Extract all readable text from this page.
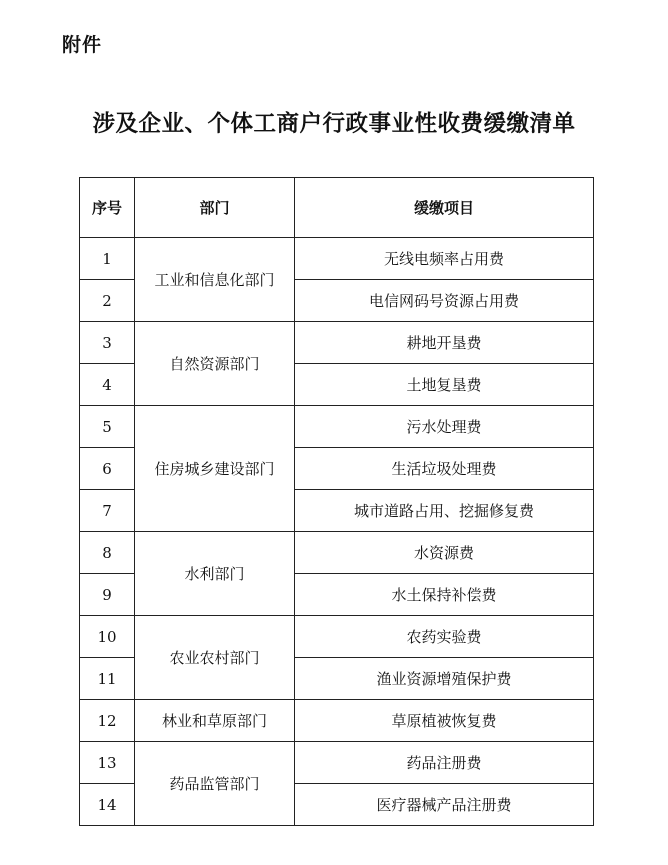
附件
涉及企业、个体工商户行政事业性收费缓缴清单
序号	部门	缓缴项目
1	工业和信息化部门	无线电频率占用费
2		电信网码号资源占用费
3	自然资源部门	耕地开垦费
4		土地复垦费
5	住房城乡建设部门	污水处理费
6		生活垃圾处理费
7		城市道路占用、挖掘修复费
8	水利部门	水资源费
9		水土保持补偿费
10	农业农村部门	农药实验费
11		渔业资源增殖保护费
12	林业和草原部门	草原植被恢复费
13	药品监管部门	药品注册费
14		医疗器械产品注册费
